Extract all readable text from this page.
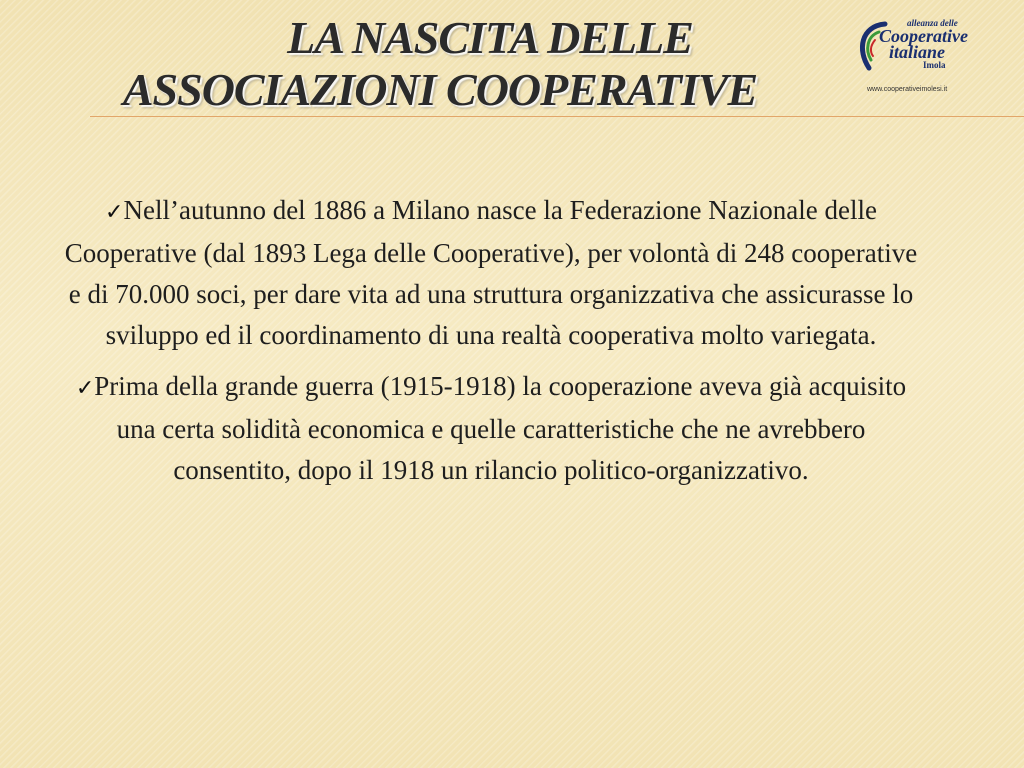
LA NASCITA DELLE
ASSOCIAZIONI COOPERATIVE
alleanza delle
Cooperative
italiane
Imola
www.cooperativeimolesi.it

✓Nell’autunno del 1886 a Milano nasce la Federazione Nazionale delle Cooperative (dal 1893 Lega delle Cooperative), per volontà di 248 cooperative e di 70.000 soci, per dare vita ad una struttura organizzativa che assicurasse lo sviluppo ed il coordinamento di una realtà cooperativa molto variegata.

✓Prima della grande guerra (1915-1918) la cooperazione aveva già acquisito una certa solidità economica e quelle caratteristiche che ne avrebbero consentito, dopo il 1918 un rilancio politico-organizzativo.
